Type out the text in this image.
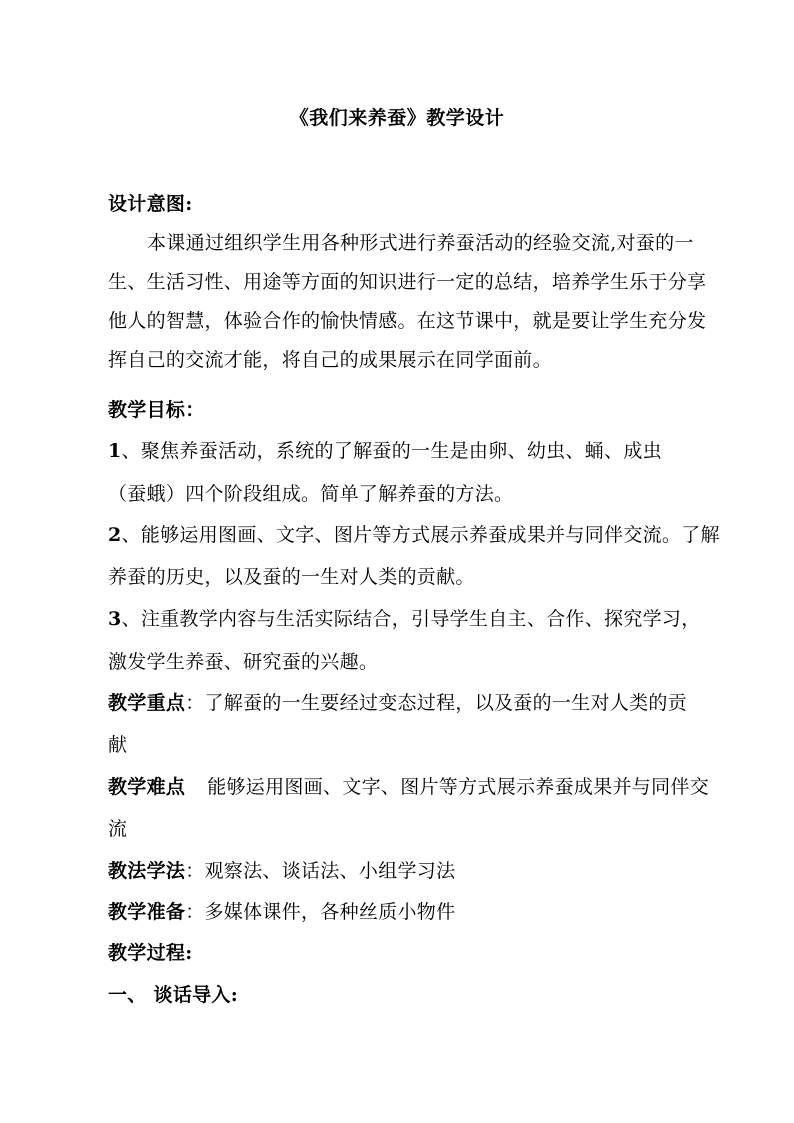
《我们来养蚕》教学设计
设计意图:
本课通过组织学生用各种形式进行养蚕活动的经验交流,对蚕的一
生、生活习性、用途等方面的知识进行一定的总结，培养学生乐于分享
他人的智慧，体验合作的愉快情感。在这节课中，就是要让学生充分发
挥自己的交流才能，将自己的成果展示在同学面前。
教学目标：
1、聚焦养蚕活动，系统的了解蚕的一生是由卵、幼虫、蛹、成虫
（蚕蛾）四个阶段组成。简单了解养蚕的方法。
2、能够运用图画、文字、图片等方式展示养蚕成果并与同伴交流。了解
养蚕的历史，以及蚕的一生对人类的贡献。
3、注重教学内容与生活实际结合，引导学生自主、合作、探究学习，
激发学生养蚕、研究蚕的兴趣。
教学重点：了解蚕的一生要经过变态过程，以及蚕的一生对人类的贡
献
教学难点 能够运用图画、文字、图片等方式展示养蚕成果并与同伴交
流
教法学法：观察法、谈话法、小组学习法
教学准备：多媒体课件，各种丝质小物件
教学过程:
一、 谈话导入:
